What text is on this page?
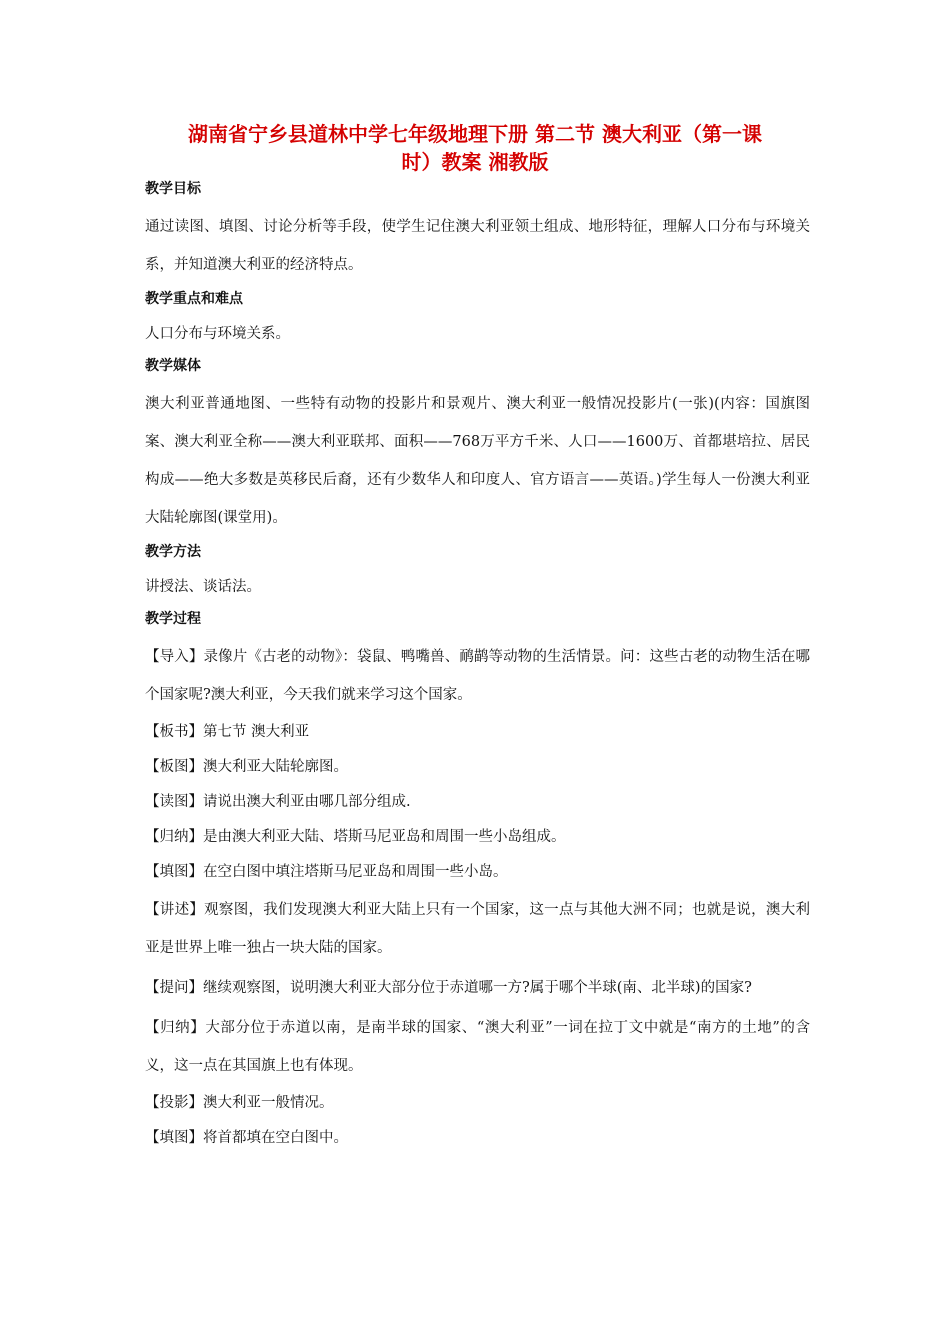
湖南省宁乡县道林中学七年级地理下册 第二节 澳大利亚（第一课
时）教案 湘教版
教学目标
通过读图、填图、讨论分析等手段，使学生记住澳大利亚领土组成、地形特征，理解人口分布与环境关系，并知道澳大利亚的经济特点。
教学重点和难点
人口分布与环境关系。
教学媒体
澳大利亚普通地图、一些特有动物的投影片和景观片、澳大利亚一般情况投影片(一张)(内容：国旗图案、澳大利亚全称——澳大利亚联邦、面积——768万平方千米、人口——1600万、首都堪培拉、居民构成——绝大多数是英移民后裔，还有少数华人和印度人、官方语言——英语。)学生每人一份澳大利亚大陆轮廓图(课堂用)。
教学方法
讲授法、谈话法。
教学过程
【导入】录像片《古老的动物》：袋鼠、鸭嘴兽、鸸鹋等动物的生活情景。问：这些古老的动物生活在哪个国家呢?澳大利亚，今天我们就来学习这个国家。
【板书】第七节 澳大利亚
【板图】澳大利亚大陆轮廓图。
【读图】请说出澳大利亚由哪几部分组成.
【归纳】是由澳大利亚大陆、塔斯马尼亚岛和周围一些小岛组成。
【填图】在空白图中填注塔斯马尼亚岛和周围一些小岛。
【讲述】观察图，我们发现澳大利亚大陆上只有一个国家，这一点与其他大洲不同；也就是说，澳大利亚是世界上唯一独占一块大陆的国家。
【提问】继续观察图，说明澳大利亚大部分位于赤道哪一方?属于哪个半球(南、北半球)的国家?
【归纳】大部分位于赤道以南，是南半球的国家、“澳大利亚”一词在拉丁文中就是“南方的土地”的含义，这一点在其国旗上也有体现。
【投影】澳大利亚一般情况。
【填图】将首都填在空白图中。
